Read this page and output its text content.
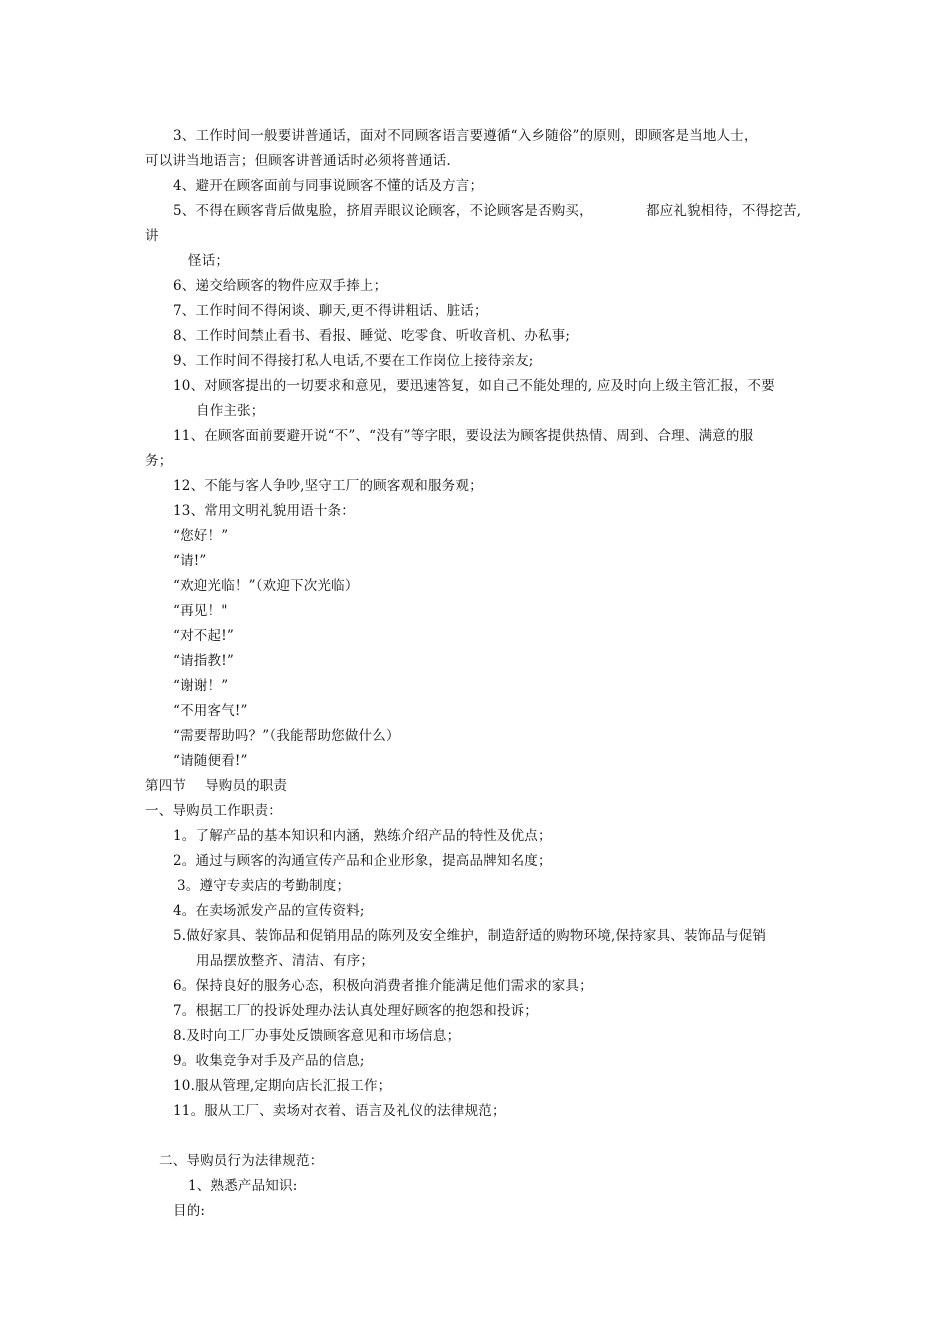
3、工作时间一般要讲普通话，面对不同顾客语言要遵循“入乡随俗”的原则，即顾客是当地人士，
可以讲当地语言；但顾客讲普通话时必须将普通话.
4、避开在顾客面前与同事说顾客不懂的话及方言；
5、不得在顾客背后做鬼脸，挤眉弄眼议论顾客，不论顾客是否购买，	都应礼貌相待，不得挖苦,
讲
怪话；
6、递交给顾客的物件应双手捧上；
7、工作时间不得闲谈、聊天,更不得讲粗话、脏话；
8、工作时间禁止看书、看报、睡觉、吃零食、听收音机、办私事;
9、工作时间不得接打私人电话,不要在工作岗位上接待亲友;
10、对顾客提出的一切要求和意见，要迅速答复，如自己不能处理的, 应及时向上级主管汇报，不要
自作主张；
11、在顾客面前要避开说“不”、“没有”等字眼，要设法为顾客提供热情、周到、合理、满意的服
务；
12、不能与客人争吵,坚守工厂的顾客观和服务观；
13、常用文明礼貌用语十条：
“您好！”
“请!”
“欢迎光临！”（欢迎下次光临）
“再见！"
“对不起!”
“请指教!”
“谢谢！”
“不用客气!”
“需要帮助吗？”（我能帮助您做什么）
“请随便看!”
第四节 导购员的职责
一、导购员工作职责：
1。了解产品的基本知识和内涵，熟练介绍产品的特性及优点；
2。通过与顾客的沟通宣传产品和企业形象，提高品牌知名度；
3。遵守专卖店的考勤制度；
4。在卖场派发产品的宣传资料;
5.做好家具、装饰品和促销用品的陈列及安全维护，制造舒适的购物环境,保持家具、装饰品与促销
用品摆放整齐、清洁、有序；
6。保持良好的服务心态，积极向消费者推介能满足他们需求的家具；
7。根据工厂的投诉处理办法认真处理好顾客的抱怨和投诉；
8.及时向工厂办事处反馈顾客意见和市场信息；
9。收集竞争对手及产品的信息;
10.服从管理,定期向店长汇报工作；
11。服从工厂、卖场对衣着、语言及礼仪的法律规范；
二、导购员行为法律规范：
1、熟悉产品知识:
目的:
